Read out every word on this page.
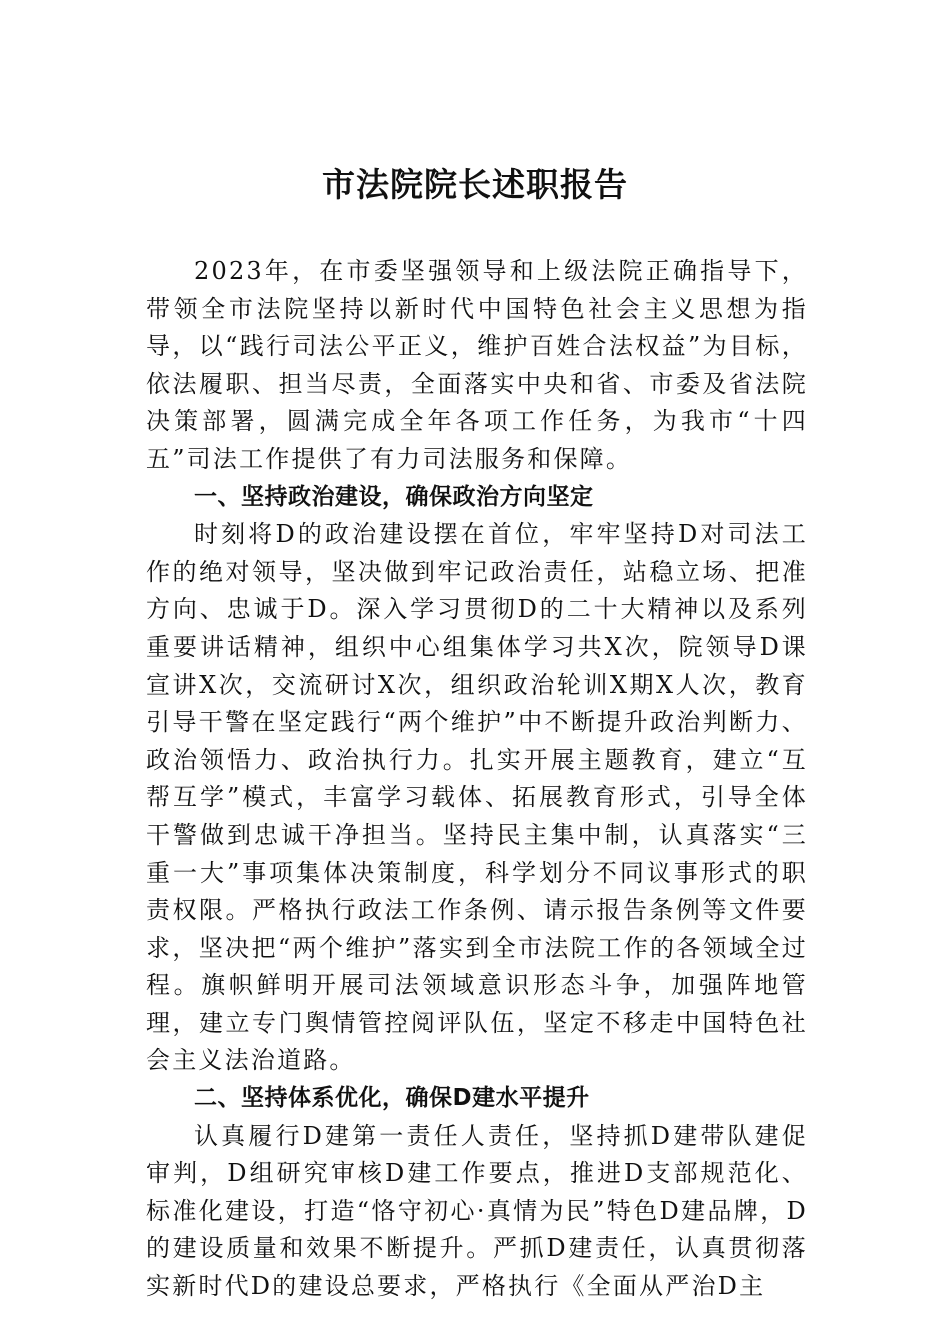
市法院院长述职报告

2023年，在市委坚强领导和上级法院正确指导下，带领全市法院坚持以新时代中国特色社会主义思想为指导，以“践行司法公平正义，维护百姓合法权益”为目标，依法履职、担当尽责，全面落实中央和省、市委及省法院决策部署，圆满完成全年各项工作任务，为我市“十四五”司法工作提供了有力司法服务和保障。

一、坚持政治建设，确保政治方向坚定

时刻将D的政治建设摆在首位，牢牢坚持D对司法工作的绝对领导，坚决做到牢记政治责任，站稳立场、把准方向、忠诚于D。深入学习贯彻D的二十大精神以及系列重要讲话精神，组织中心组集体学习共X次，院领导D课宣讲X次，交流研讨X次，组织政治轮训X期X人次，教育引导干警在坚定践行“两个维护”中不断提升政治判断力、政治领悟力、政治执行力。扎实开展主题教育，建立“互帮互学”模式，丰富学习载体、拓展教育形式，引导全体干警做到忠诚干净担当。坚持民主集中制，认真落实“三重一大”事项集体决策制度，科学划分不同议事形式的职责权限。严格执行政法工作条例、请示报告条例等文件要求，坚决把“两个维护”落实到全市法院工作的各领域全过程。旗帜鲜明开展司法领域意识形态斗争，加强阵地管理，建立专门舆情管控阅评队伍，坚定不移走中国特色社会主义法治道路。

二、坚持体系优化，确保D建水平提升

认真履行D建第一责任人责任，坚持抓D建带队建促审判，D组研究审核D建工作要点，推进D支部规范化、标准化建设，打造“恪守初心·真情为民”特色D建品牌，D的建设质量和效果不断提升。严抓D建责任，认真贯彻落实新时代D的建设总要求，严格执行《全面从严治D主
